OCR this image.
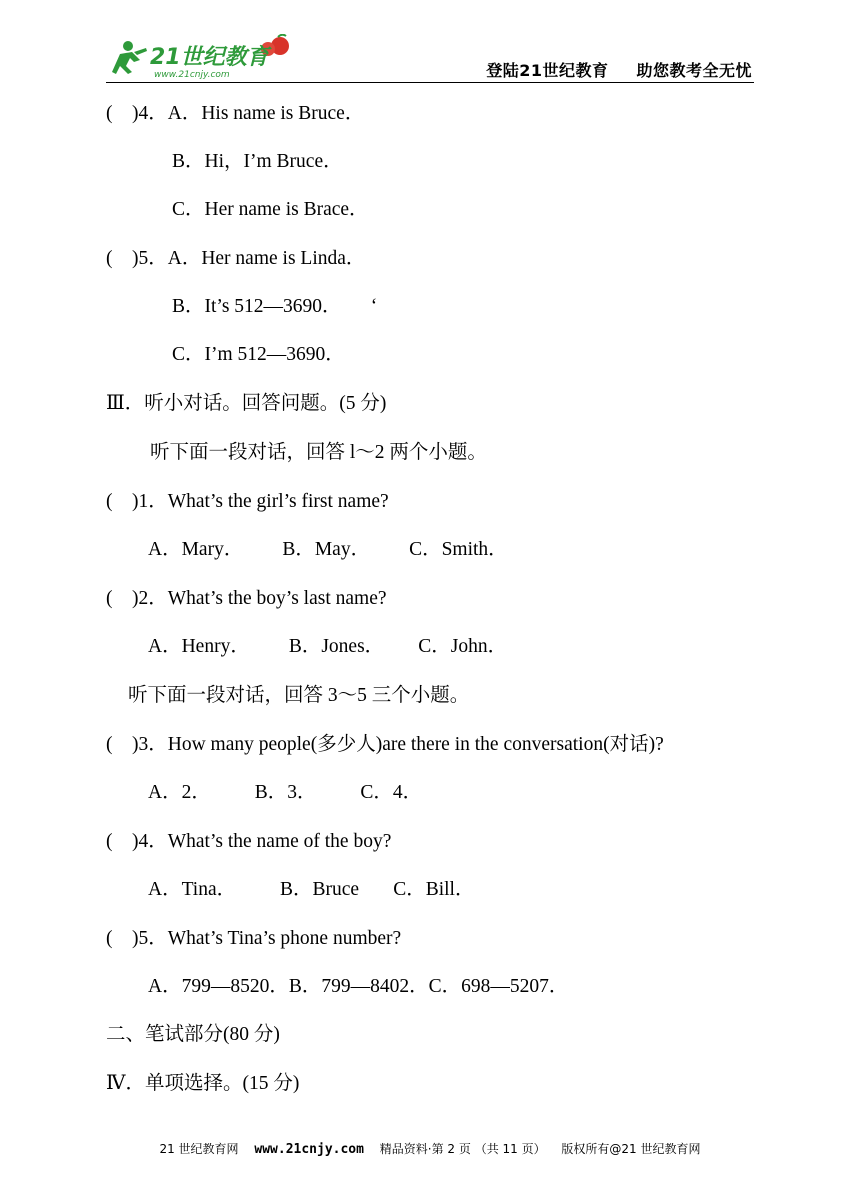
21世纪教育
www.21cnjy.com	登陆21世纪教育 助您教考全无忧
(    )4．A．His name is Bruce．
B．Hi，I’m Bruce．
C．Her name is Brace．
(    )5．A．Her name is Linda．
B．It’s 512—3690．      ‘
C．I’m 512—3690．
Ⅲ．听小对话。回答问题。(5 分)
听下面一段对话，回答 l～2 两个小题。
(    )1．What’s the girl’s first name?
A．Mary．        B．May．        C．Smith．
(    )2．What’s the boy’s last name?
A．Henry．        B．Jones．       C．John．
听下面一段对话，回答 3～5 三个小题。
(    )3．How many people(多少人)are there in the conversation(对话)?
A．2．         B．3．         C．4．
(    )4．What’s the name of the boy?
A．Tina．         B．Bruce       C．Bill．
(    )5．What’s Tina’s phone number?
A．799—8520．B．799—8402．C．698—5207．
二、笔试部分(80 分)
Ⅳ．单项选择。(15 分)
21 世纪教育网 www.21cnjy.com 精品资料·第 2 页 （共 11 页） 版权所有@21 世纪教育网
